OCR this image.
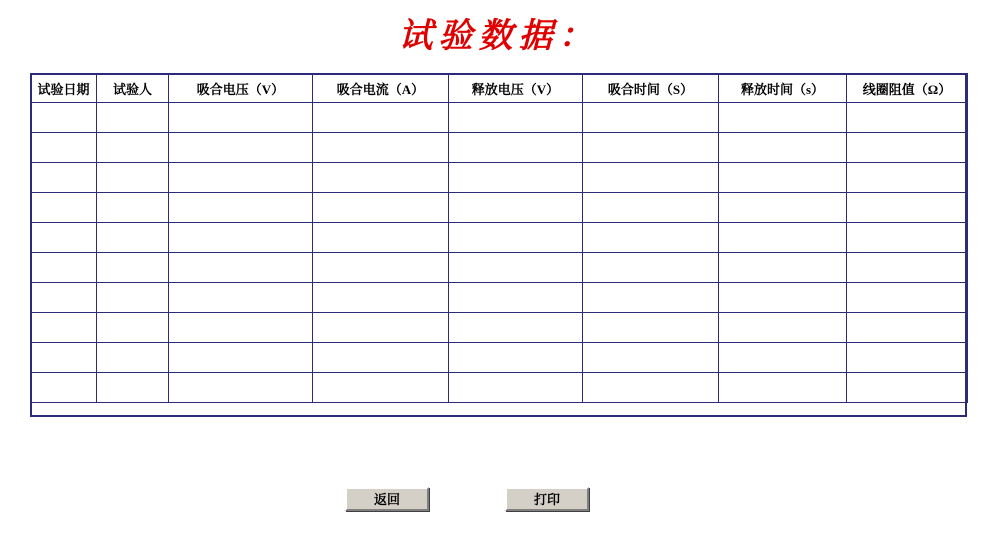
试验数据：
试验日期	试验人	吸合电压（V）	吸合电流（A）	释放电压（V）	吸合时间（S）	释放时间（s）	线圈阻值（Ω）

返回	打印
